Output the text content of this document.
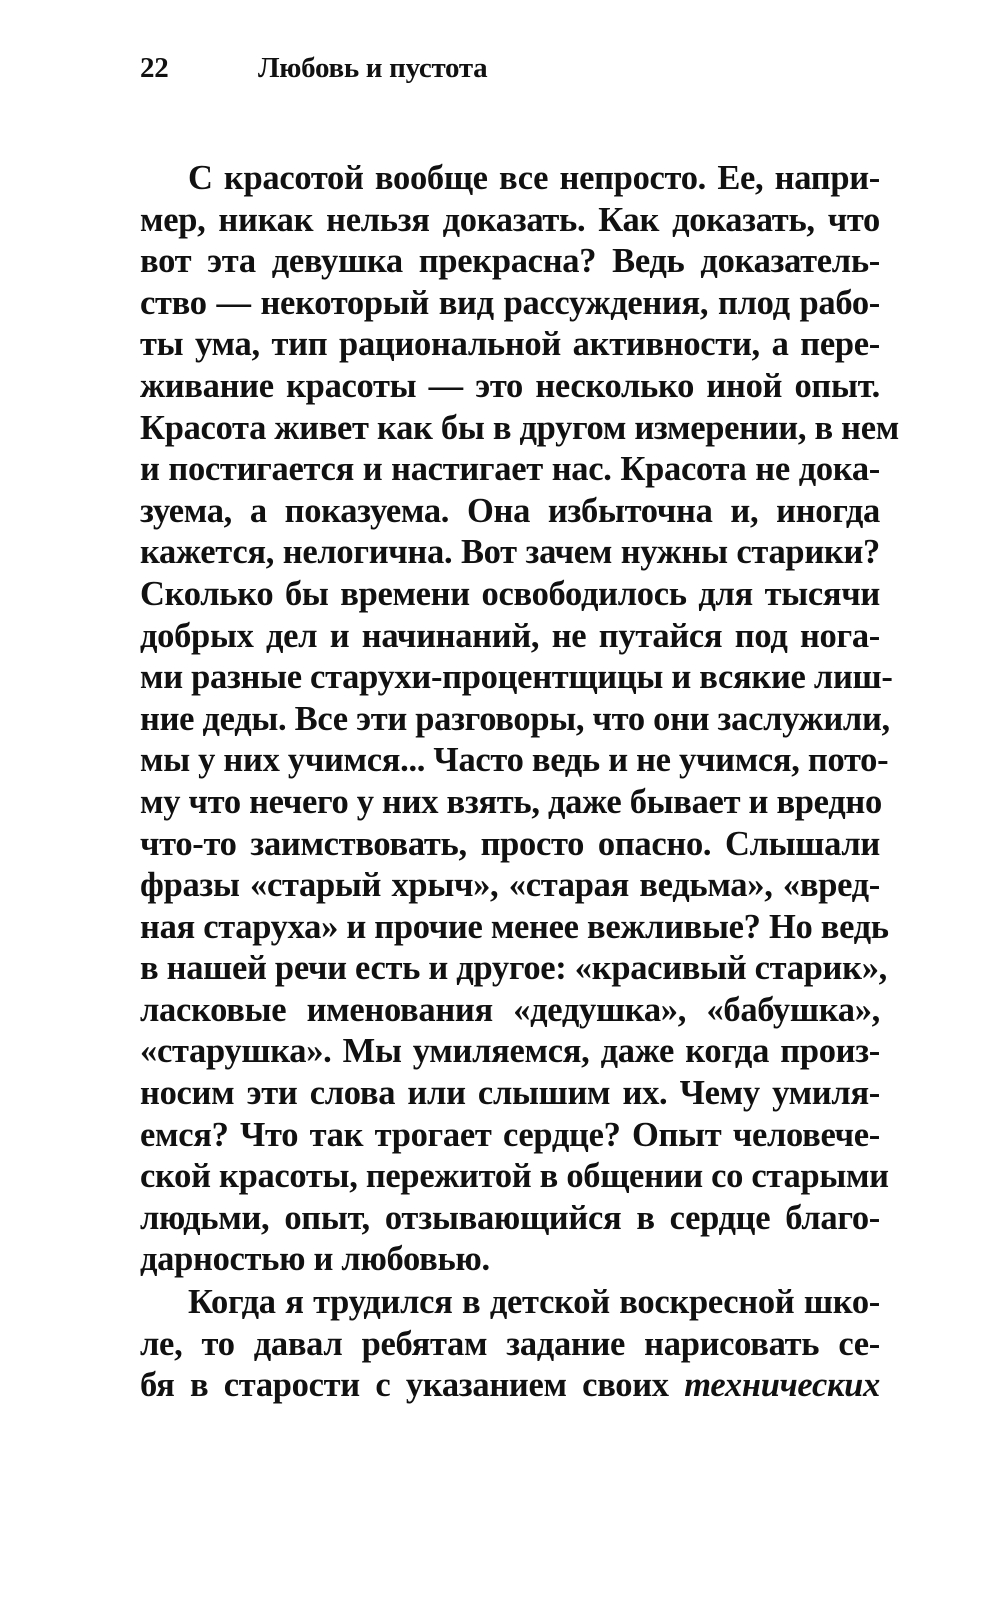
22	Любовь и пустота
С красотой вообще все непросто. Ее, напри-
мер, никак нельзя доказать. Как доказать, что
вот эта девушка прекрасна? Ведь доказатель-
ство — некоторый вид рассуждения, плод рабо-
ты ума, тип рациональной активности, а пере-
живание красоты — это несколько иной опыт.
Красота живет как бы в другом измерении, в нем
и постигается и настигает нас. Красота не дока-
зуема, а показуема. Она избыточна и, иногда
кажется, нелогична. Вот зачем нужны старики?
Сколько бы времени освободилось для тысячи
добрых дел и начинаний, не путайся под нога-
ми разные старухи-процентщицы и всякие лиш-
ние деды. Все эти разговоры, что они заслужили,
мы у них учимся... Часто ведь и не учимся, пото-
му что нечего у них взять, даже бывает и вредно
что-то заимствовать, просто опасно. Слышали
фразы «старый хрыч», «старая ведьма», «вред-
ная старуха» и прочие менее вежливые? Но ведь
в нашей речи есть и другое: «красивый старик»,
ласковые именования «дедушка», «бабушка»,
«старушка». Мы умиляемся, даже когда произ-
носим эти слова или слышим их. Чему умиля-
емся? Что так трогает сердце? Опыт человече-
ской красоты, пережитой в общении со старыми
людьми, опыт, отзывающийся в сердце благо-
дарностью и любовью.
Когда я трудился в детской воскресной шко-
ле, то давал ребятам задание нарисовать се-
бя в старости с указанием своих технических
